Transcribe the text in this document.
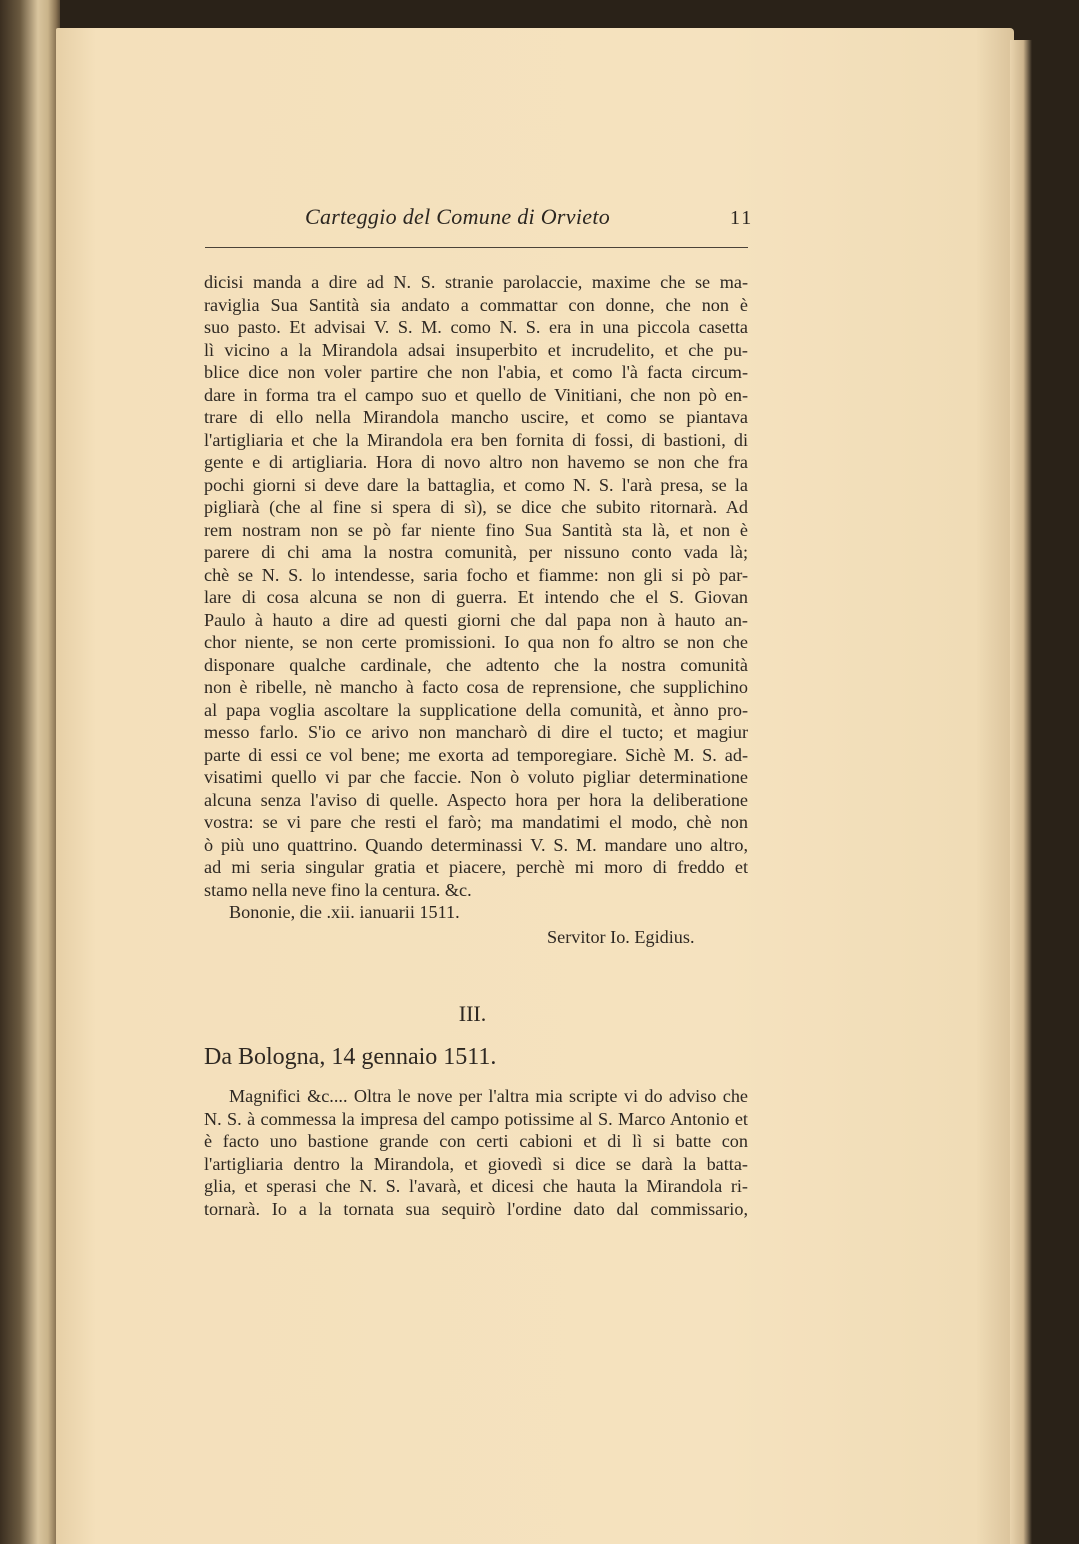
Carteggio del Comune di Orvieto	11
dicisi manda a dire ad N. S. stranie parolaccie, maxime che se ma-
raviglia Sua Santità sia andato a commattar con donne, che non è
suo pasto. Et advisai V. S. M. como N. S. era in una piccola casetta
lì vicino a la Mirandola adsai insuperbito et incrudelito, et che pu-
blice dice non voler partire che non l'abia, et como l'à facta circum-
dare in forma tra el campo suo et quello de Vinitiani, che non pò en-
trare di ello nella Mirandola mancho uscire, et como se piantava
l'artigliaria et che la Mirandola era ben fornita di fossi, di bastioni, di
gente e di artigliaria. Hora di novo altro non havemo se non che fra
pochi giorni si deve dare la battaglia, et como N. S. l'arà presa, se la
pigliarà (che al fine si spera di sì), se dice che subito ritornarà. Ad
rem nostram non se pò far niente fino Sua Santità sta là, et non è
parere di chi ama la nostra comunità, per nissuno conto vada là;
chè se N. S. lo intendesse, saria focho et fiamme: non gli si pò par-
lare di cosa alcuna se non di guerra. Et intendo che el S. Giovan
Paulo à hauto a dire ad questi giorni che dal papa non à hauto an-
chor niente, se non certe promissioni. Io qua non fo altro se non che
disponare qualche cardinale, che adtento che la nostra comunità
non è ribelle, nè mancho à facto cosa de reprensione, che supplichino
al papa voglia ascoltare la supplicatione della comunità, et ànno pro-
messo farlo. S'io ce arivo non mancharò di dire el tucto; et magiur
parte di essi ce vol bene; me exorta ad temporegiare. Sichè M. S. ad-
visatimi quello vi par che faccie. Non ò voluto pigliar determinatione
alcuna senza l'aviso di quelle. Aspecto hora per hora la deliberatione
vostra: se vi pare che resti el farò; ma mandatimi el modo, chè non
ò più uno quattrino. Quando determinassi V. S. M. mandare uno altro,
ad mi seria singular gratia et piacere, perchè mi moro di freddo et
stamo nella neve fino la centura. &c.
Bononie, die .xii. ianuarii 1511.
Servitor Io. Egidius.
III.
Da Bologna, 14 gennaio 1511.
Magnifici &c.... Oltra le nove per l'altra mia scripte vi do adviso che
N. S. à commessa la impresa del campo potissime al S. Marco Antonio et
è facto uno bastione grande con certi cabioni et di lì si batte con
l'artigliaria dentro la Mirandola, et giovedì si dice se darà la batta-
glia, et sperasi che N. S. l'avarà, et dicesi che hauta la Mirandola ri-
tornarà. Io a la tornata sua sequirò l'ordine dato dal commissario,
